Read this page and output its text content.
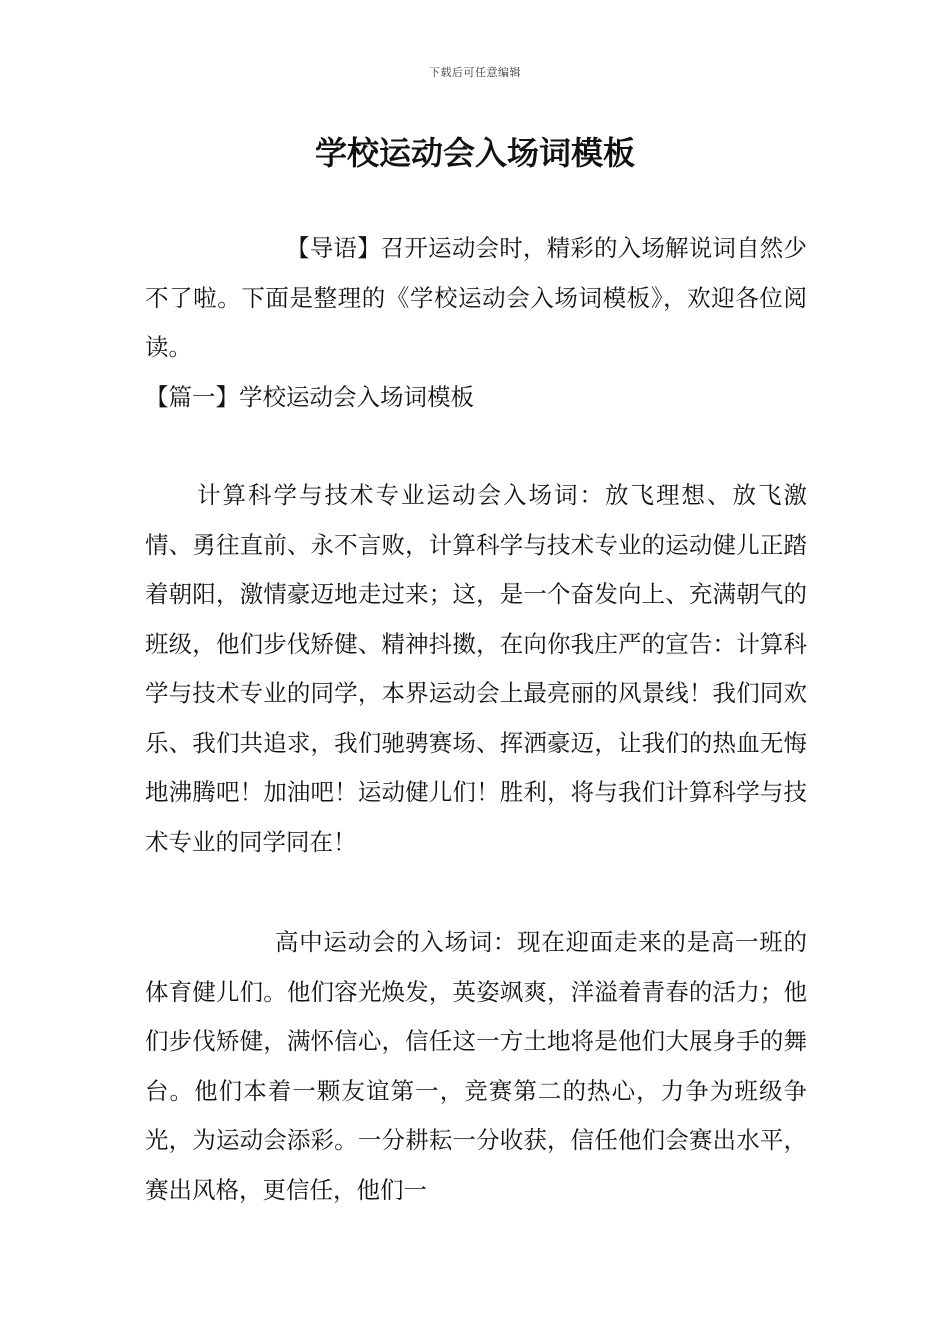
下载后可任意编辑
学校运动会入场词模板

【导语】召开运动会时，精彩的入场解说词自然少不了啦。下面是整理的《学校运动会入场词模板》，欢迎各位阅读。

【篇一】学校运动会入场词模板

计算科学与技术专业运动会入场词：放飞理想、放飞激情、勇往直前、永不言败，计算科学与技术专业的运动健儿正踏着朝阳，激情豪迈地走过来；这，是一个奋发向上、充满朝气的班级，他们步伐矫健、精神抖擞，在向你我庄严的宣告：计算科学与技术专业的同学，本界运动会上最亮丽的风景线！我们同欢乐、我们共追求，我们驰骋赛场、挥洒豪迈，让我们的热血无悔地沸腾吧！加油吧！运动健儿们！胜利，将与我们计算科学与技术专业的同学同在！

高中运动会的入场词：现在迎面走来的是高一班的体育健儿们。他们容光焕发，英姿飒爽，洋溢着青春的活力；他们步伐矫健，满怀信心，信任这一方土地将是他们大展身手的舞台。他们本着一颗友谊第一，竞赛第二的热心，力争为班级争光，为运动会添彩。一分耕耘一分收获，信任他们会赛出水平，赛出风格，更信任，他们一
